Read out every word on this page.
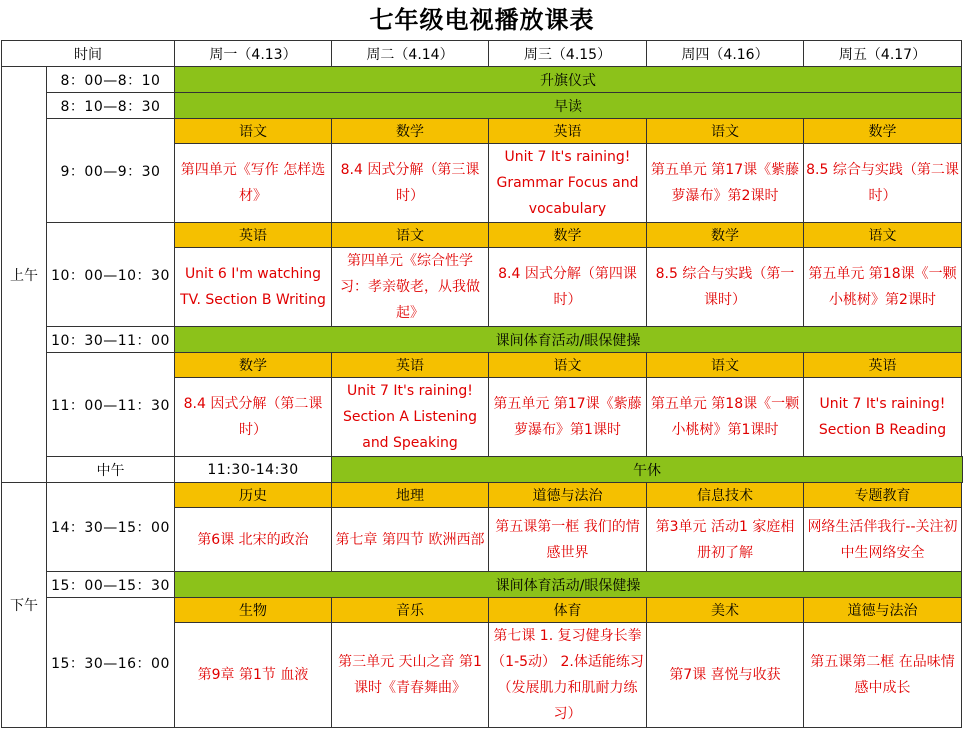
七年级电视播放课表
时间		周一（4.13）	周二（4.14）	周三（4.15）	周四（4.16）	周五（4.17）
上午	8：00—8：10	升旗仪式				
	8：10—8：30	早读				
	9：00—9：30	语文	数学	英语	语文	数学
		第四单元《写作 怎样选材》	8.4 因式分解（第三课时）	Unit 7 It's raining! Grammar Focus and vocabulary	第五单元 第17课《紫藤萝瀑布》第2课时	8.5 综合与实践（第二课时）
	10：00—10：30	英语	语文	数学	数学	语文
		Unit 6 I'm watching TV. Section B Writing	第四单元《综合性学习：孝亲敬老，从我做起》	8.4 因式分解（第四课时）	8.5 综合与实践（第一课时）	第五单元 第18课《一颗小桃树》第2课时
	10：30—11：00	课间体育活动/眼保健操				
	11：00—11：30	数学	英语	语文	语文	英语
		8.4 因式分解（第二课时）	Unit 7 It's raining! Section A Listening and Speaking	第五单元 第17课《紫藤萝瀑布》第1课时	第五单元 第18课《一颗小桃树》第1课时	Unit 7 It's raining! Section B Reading
	中午	11:30-14:30	午休			
下午	14：30—15：00	历史	地理	道德与法治	信息技术	专题教育
		第6课 北宋的政治	第七章 第四节 欧洲西部	第五课第一框 我们的情感世界	第3单元 活动1 家庭相册初了解	网络生活伴我行--关注初中生网络安全
	15：00—15：30	课间体育活动/眼保健操				
	15：30—16：00	生物	音乐	体育	美术	道德与法治
		第9章 第1节 血液	第三单元 天山之音 第1课时《青春舞曲》	第七课 1. 复习健身长拳（1-5动） 2.体适能练习（发展肌力和肌耐力练习）	第7课 喜悦与收获	第五课第二框 在品味情感中成长
